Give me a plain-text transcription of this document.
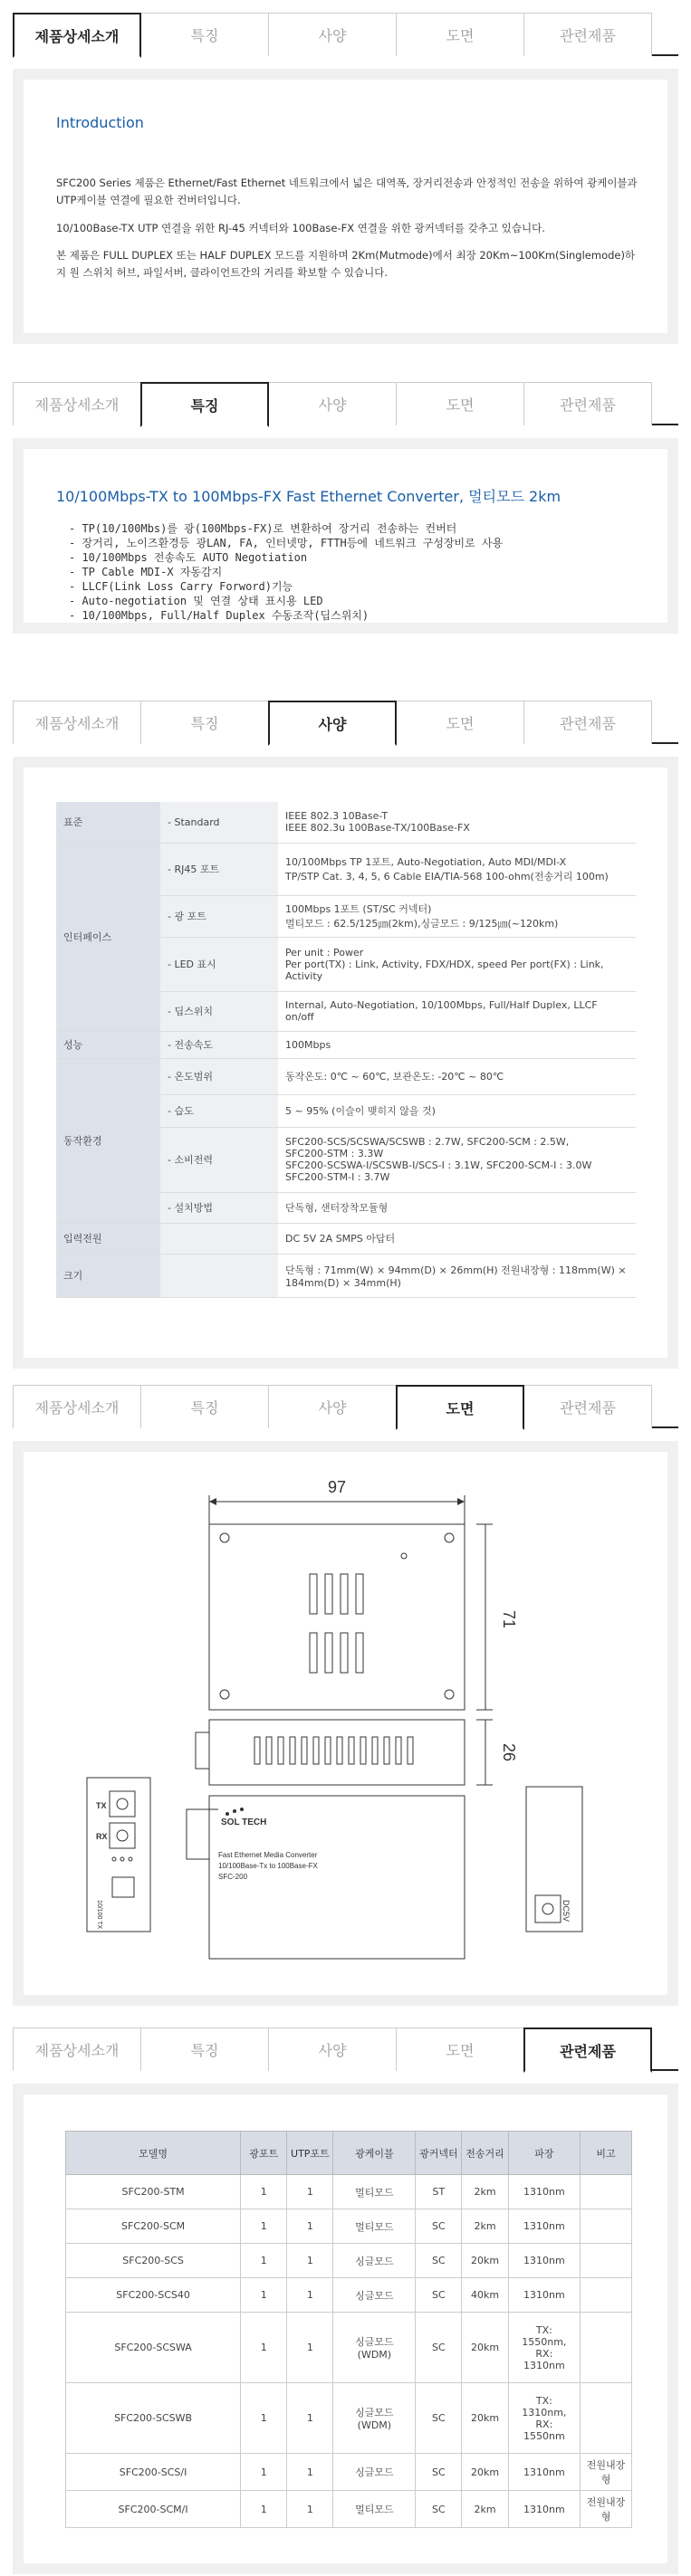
제품상세소개	특징	사양	도면	관련제품
Introduction
SFC200 Series 제품은 Ethernet/Fast Ethernet 네트워크에서 넓은 대역폭, 장거리전송과 안정적인 전송을 위하여 광케이블과 UTP케이블 연결에 필요한 컨버터입니다.
10/100Base-TX UTP 연결을 위한 RJ-45 커넥터와 100Base-FX 연결을 위한 광커넥터를 갖추고 있습니다.
본 제품은 FULL DUPLEX 또는 HALF DUPLEX 모드를 지원하며 2Km(Mutmode)에서 최장 20Km~100Km(Singlemode)하지 원 스위치 허브, 파일서버, 클라이언트간의 거리를 확보할 수 있습니다.
제품상세소개	특징	사양	도면	관련제품
10/100Mbps-TX to 100Mbps-FX Fast Ethernet Converter, 멀티모드 2km
- TP(10/100Mbs)를 광(100Mbps-FX)로 변환하여 장거리 전송하는 컨버터
- 장거리, 노이즈환경등 광LAN, FA, 인터넷망, FTTH등에 네트워크 구성장비로 사용
- 10/100Mbps 전송속도 AUTO Negotiation
- TP Cable MDI-X 자동감지
- LLCF(Link Loss Carry Forword)기능
- Auto-negotiation 및 연결 상태 표시용 LED
- 10/100Mbps, Full/Half Duplex 수동조작(딥스위치)
제품상세소개	특징	사양	도면	관련제품
표준	- Standard	IEEE 802.3 10Base-T
IEEE 802.3u 100Base-TX/100Base-FX
인터페이스	- RJ45 포트	10/100Mbps TP 1포트, Auto-Negotiation, Auto MDI/MDI-X
TP/STP Cat. 3, 4, 5, 6 Cable EIA/TIA-568 100-ohm(전송거리 100m)
	- 광 포트	100Mbps 1포트 (ST/SC 커넥터)
멀티모드 : 62.5/125㎛(2km),싱글모드 : 9/125㎛(~120km)
	- LED 표시	Per unit : Power
Per port(TX) : Link, Activity, FDX/HDX, speed Per port(FX) : Link, Activity
	- 딥스위치	Internal, Auto-Negotiation, 10/100Mbps, Full/Half Duplex, LLCF on/off
성능	- 전송속도	100Mbps
동작환경	- 온도범위	동작온도: 0℃ ~ 60℃, 보관온도: -20℃ ~ 80℃
	- 습도	5 ~ 95% (이슬이 맺히지 않을 것)
	- 소비전력	SFC200-SCS/SCSWA/SCSWB : 2.7W, SFC200-SCM : 2.5W,
SFC200-STM : 3.3W
SFC200-SCSWA-I/SCSWB-I/SCS-I : 3.1W, SFC200-SCM-I : 3.0W
SFC200-STM-I : 3.7W
	- 설치방법	단독형, 샌터장착모듈형
입력전원		DC 5V 2A SMPS 아답터
크기		단독형 : 71mm(W) × 94mm(D) × 26mm(H) 전원내장형 : 118mm(W) × 184mm(D) × 34mm(H)
제품상세소개	특징	사양	도면	관련제품
97
71
26
SOL TECH
Fast Ethernet Media Converter
10/100Base-Tx to 100Base-FX
SFC-200
TX
RX
10/100 TX	DC5V
제품상세소개	특징	사양	도면	관련제품
모델명	광포트	UTP포트	광케이블	광커넥터	전송거리	파장	비고
SFC200-STM	1	1	멀티모드	ST	2km	1310nm	
SFC200-SCM	1	1	멀티모드	SC	2km	1310nm	
SFC200-SCS	1	1	싱글모드	SC	20km	1310nm	
SFC200-SCS40	1	1	싱글모드	SC	40km	1310nm	
SFC200-SCSWA	1	1	싱글모드
(WDM)	SC	20km	TX:
1550nm,
RX:
1310nm	
SFC200-SCSWB	1	1	싱글모드
(WDM)	SC	20km	TX:
1310nm,
RX:
1550nm	
SFC200-SCS/I	1	1	싱글모드	SC	20km	1310nm	전원내장형
SFC200-SCM/I	1	1	멀티모드	SC	2km	1310nm	전원내장형
